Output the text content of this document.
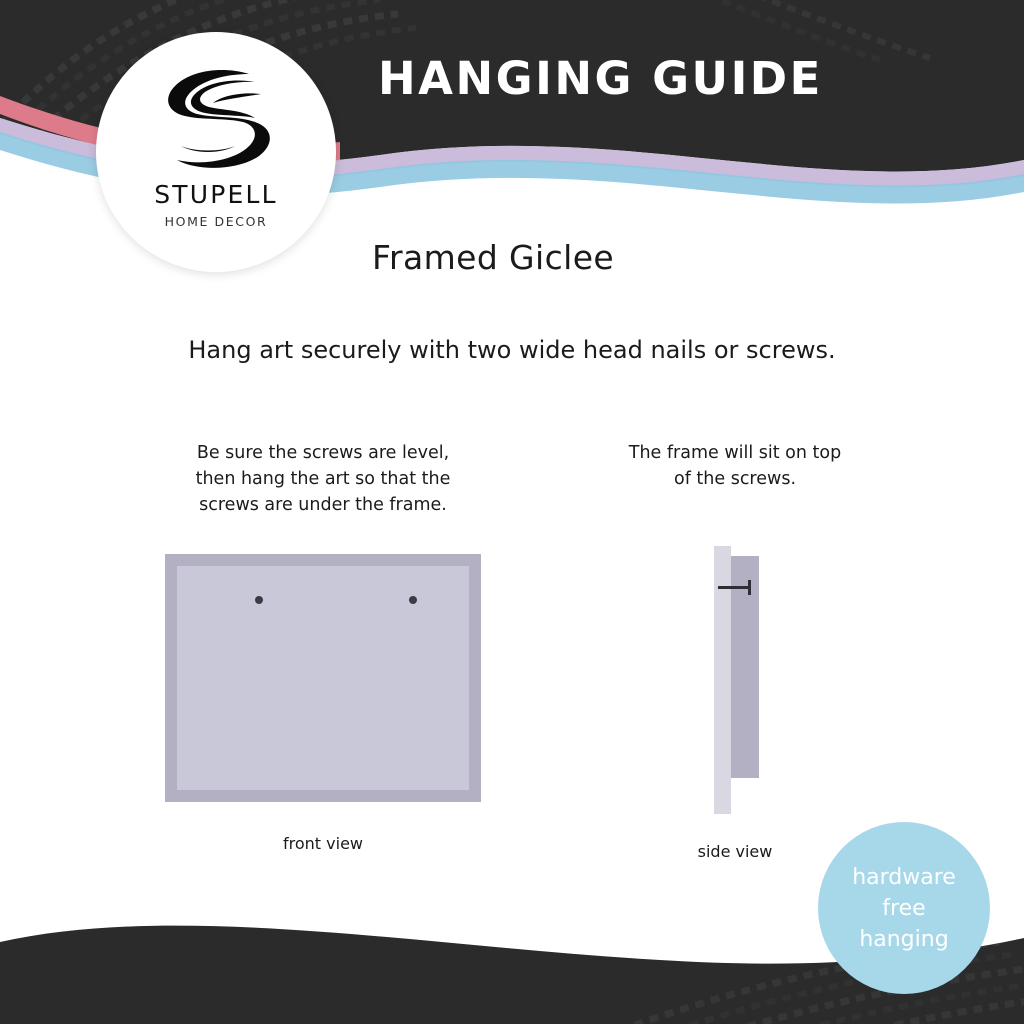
STUPELL
HOME DECOR
HANGING GUIDE
Framed Giclee
Hang art securely with two wide head nails or screws.
Be sure the screws are level,
then hang the art so that the
screws are under the frame.
The frame will sit on top
of the screws.
front view	side view
hardware
free
hanging
